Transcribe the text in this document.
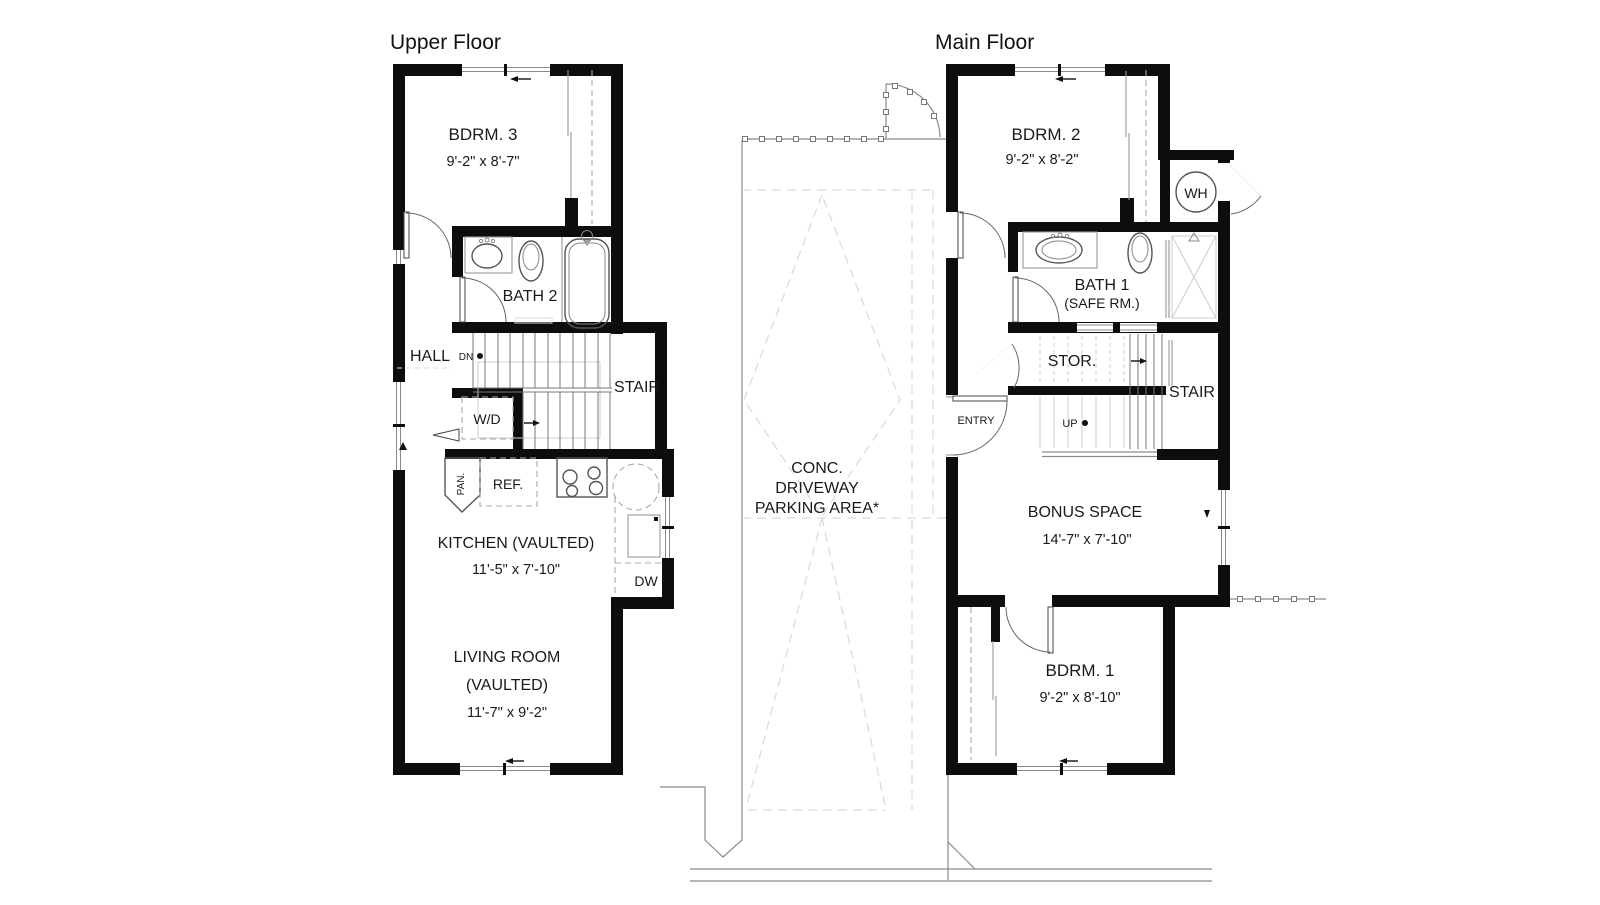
CONC.
DRIVEWAY
PARKING AREA*
Upper Floor
BDRM. 3
9'-2" x 8'-7"
BATH 2
HALL DN
STAIR
W/D
PAN. REF.
KITCHEN (VAULTED)
11'-5" x 7'-10"
DW
LIVING ROOM
(VAULTED)
11'-7" x 9'-2"
Main Floor
BDRM. 2
9'-2" x 8'-2"
WH
BATH 1
(SAFE RM.)
STOR.
STAIR
UP
ENTRY
BONUS SPACE
14'-7" x 7'-10"
BDRM. 1
9'-2" x 8'-10"
